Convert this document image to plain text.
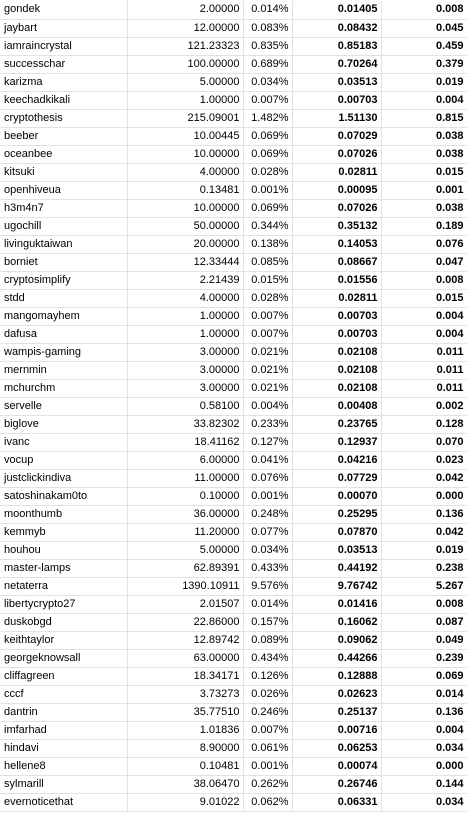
gondek	2.00000	0.014%	0.01405	0.008
jaybart	12.00000	0.083%	0.08432	0.045
iamraincrystal	121.23323	0.835%	0.85183	0.459
successchar	100.00000	0.689%	0.70264	0.379
karizma	5.00000	0.034%	0.03513	0.019
keechadkikali	1.00000	0.007%	0.00703	0.004
cryptothesis	215.09001	1.482%	1.51130	0.815
beeber	10.00445	0.069%	0.07029	0.038
oceanbee	10.00000	0.069%	0.07026	0.038
kitsuki	4.00000	0.028%	0.02811	0.015
openhiveua	0.13481	0.001%	0.00095	0.001
h3m4n7	10.00000	0.069%	0.07026	0.038
ugochill	50.00000	0.344%	0.35132	0.189
livinguktaiwan	20.00000	0.138%	0.14053	0.076
borniet	12.33444	0.085%	0.08667	0.047
cryptosimplify	2.21439	0.015%	0.01556	0.008
stdd	4.00000	0.028%	0.02811	0.015
mangomayhem	1.00000	0.007%	0.00703	0.004
dafusa	1.00000	0.007%	0.00703	0.004
wampis-gaming	3.00000	0.021%	0.02108	0.011
mernmin	3.00000	0.021%	0.02108	0.011
mchurchm	3.00000	0.021%	0.02108	0.011
servelle	0.58100	0.004%	0.00408	0.002
biglove	33.82302	0.233%	0.23765	0.128
ivanc	18.41162	0.127%	0.12937	0.070
vocup	6.00000	0.041%	0.04216	0.023
justclickindiva	11.00000	0.076%	0.07729	0.042
satoshinakam0to	0.10000	0.001%	0.00070	0.000
moonthumb	36.00000	0.248%	0.25295	0.136
kemmyb	11.20000	0.077%	0.07870	0.042
houhou	5.00000	0.034%	0.03513	0.019
master-lamps	62.89391	0.433%	0.44192	0.238
netaterra	1390.10911	9.576%	9.76742	5.267
libertycrypto27	2.01507	0.014%	0.01416	0.008
duskobgd	22.86000	0.157%	0.16062	0.087
keithtaylor	12.89742	0.089%	0.09062	0.049
georgeknowsall	63.00000	0.434%	0.44266	0.239
cliffagreen	18.34171	0.126%	0.12888	0.069
cccf	3.73273	0.026%	0.02623	0.014
dantrin	35.77510	0.246%	0.25137	0.136
imfarhad	1.01836	0.007%	0.00716	0.004
hindavi	8.90000	0.061%	0.06253	0.034
hellene8	0.10481	0.001%	0.00074	0.000
sylmarill	38.06470	0.262%	0.26746	0.144
evernoticethat	9.01022	0.062%	0.06331	0.034
